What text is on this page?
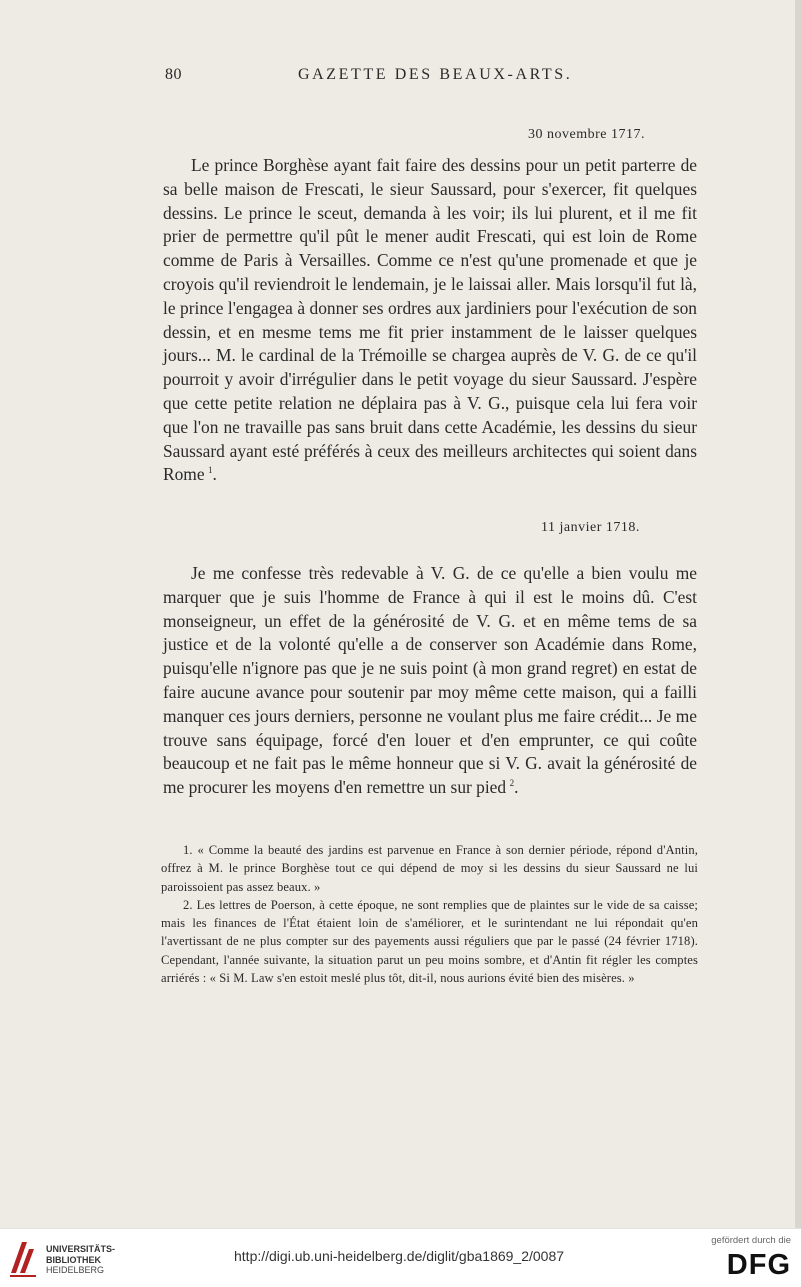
80	GAZETTE DES BEAUX-ARTS.
30 novembre 1717.

Le prince Borghèse ayant fait faire des dessins pour un petit parterre de sa belle maison de Frescati, le sieur Saussard, pour s'exercer, fit quelques dessins. Le prince le sceut, demanda à les voir; ils lui plurent, et il me fit prier de permettre qu'il pût le mener audit Frescati, qui est loin de Rome comme de Paris à Versailles. Comme ce n'est qu'une promenade et que je croyois qu'il reviendroit le lendemain, je le laissai aller. Mais lorsqu'il fut là, le prince l'engagea à donner ses ordres aux jardiniers pour l'exécution de son dessin, et en mesme tems me fit prier instamment de le laisser quelques jours... M. le cardinal de la Trémoille se chargea auprès de V. G. de ce qu'il pourroit y avoir d'irrégulier dans le petit voyage du sieur Saussard. J'espère que cette petite relation ne déplaira pas à V. G., puisque cela lui fera voir que l'on ne travaille pas sans bruit dans cette Académie, les dessins du sieur Saussard ayant esté préférés à ceux des meilleurs architectes qui soient dans Rome  $^1$.

11 janvier 1718.

Je me confesse très redevable à V. G. de ce qu'elle a bien voulu me marquer que je suis l'homme de France à qui il est le moins dû. C'est monseigneur, un effet de la générosité de V. G. et en même tems de sa justice et de la volonté qu'elle a de conserver son Académie dans Rome, puisqu'elle n'ignore pas que je ne suis point (à mon grand regret) en estat de faire aucune avance pour soutenir par moy même cette maison, qui a failli manquer ces jours derniers, personne ne voulant plus me faire crédit... Je me trouve sans équipage, forcé d'en louer et d'en emprunter, ce qui coûte beaucoup et ne fait pas le même honneur que si V. G. avait la générosité de me procurer les moyens d'en remettre un sur pied  $^2$.

1. « Comme la beauté des jardins est parvenue en France à son dernier période, répond d'Antin, offrez à M. le prince Borghèse tout ce qui dépend de moy si les dessins du sieur Saussard ne lui paroissoient pas assez beaux. »

2. Les lettres de Poerson, à cette époque, ne sont remplies que de plaintes sur le vide de sa caisse; mais les finances de l'État étaient loin de s'améliorer, et le surintendant ne lui répondait qu'en l'avertissant de ne plus compter sur des payements aussi réguliers que par le passé (24 février 1718). Cependant, l'année suivante, la situation parut un peu moins sombre, et d'Antin fit régler les comptes arriérés : « Si M. Law s'en estoit meslé plus tôt, dit-il, nous aurions évité bien des misères. »

UNIVERSITÄTS-
BIBLIOTHEK
HEIDELBERG
http://digi.ub.uni-heidelberg.de/diglit/gba1869_2/0087
gefördert durch die
DFG
